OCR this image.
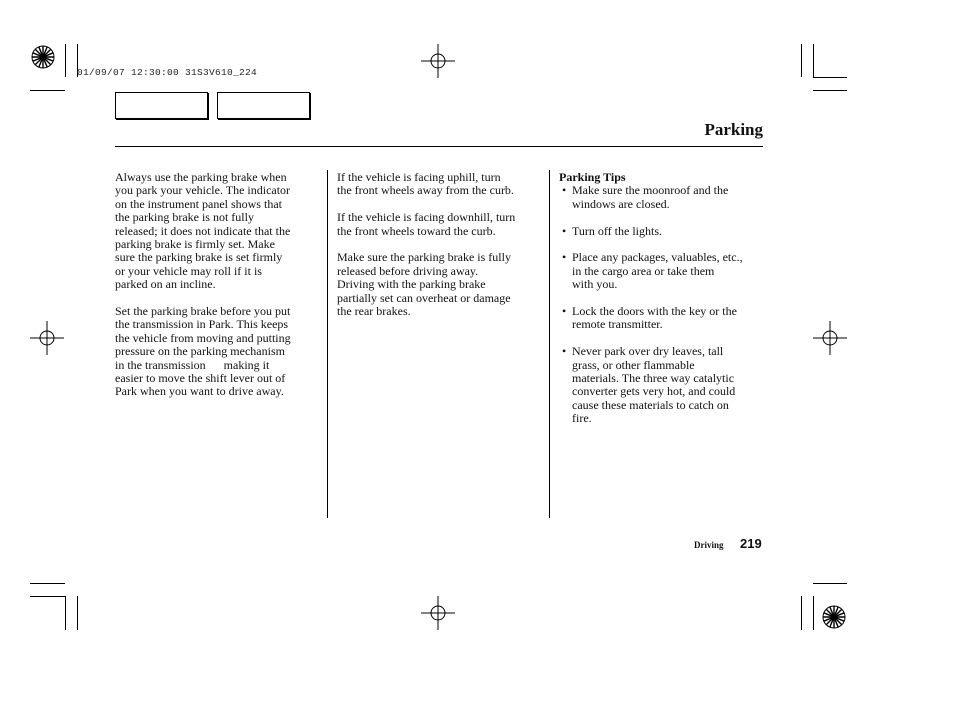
01/09/07 12:30:00 31S3V610_224
Parking

Always use the parking brake when
you park your vehicle. The indicator
on the instrument panel shows that
the parking brake is not fully
released; it does not indicate that the
parking brake is firmly set. Make
sure the parking brake is set firmly
or your vehicle may roll if it is
parked on an incline.

Set the parking brake before you put
the transmission in Park. This keeps
the vehicle from moving and putting
pressure on the parking mechanism
in the transmission      making it
easier to move the shift lever out of
Park when you want to drive away.

If the vehicle is facing uphill, turn
the front wheels away from the curb.

If the vehicle is facing downhill, turn
the front wheels toward the curb.

Make sure the parking brake is fully
released before driving away.
Driving with the parking brake
partially set can overheat or damage
the rear brakes.

Parking Tips
• Make sure the moonroof and the
windows are closed.
• Turn off the lights.
• Place any packages, valuables, etc.,
in the cargo area or take them
with you.
• Lock the doors with the key or the
remote transmitter.
• Never park over dry leaves, tall
grass, or other flammable
materials. The three way catalytic
converter gets very hot, and could
cause these materials to catch on
fire.
Driving 219
